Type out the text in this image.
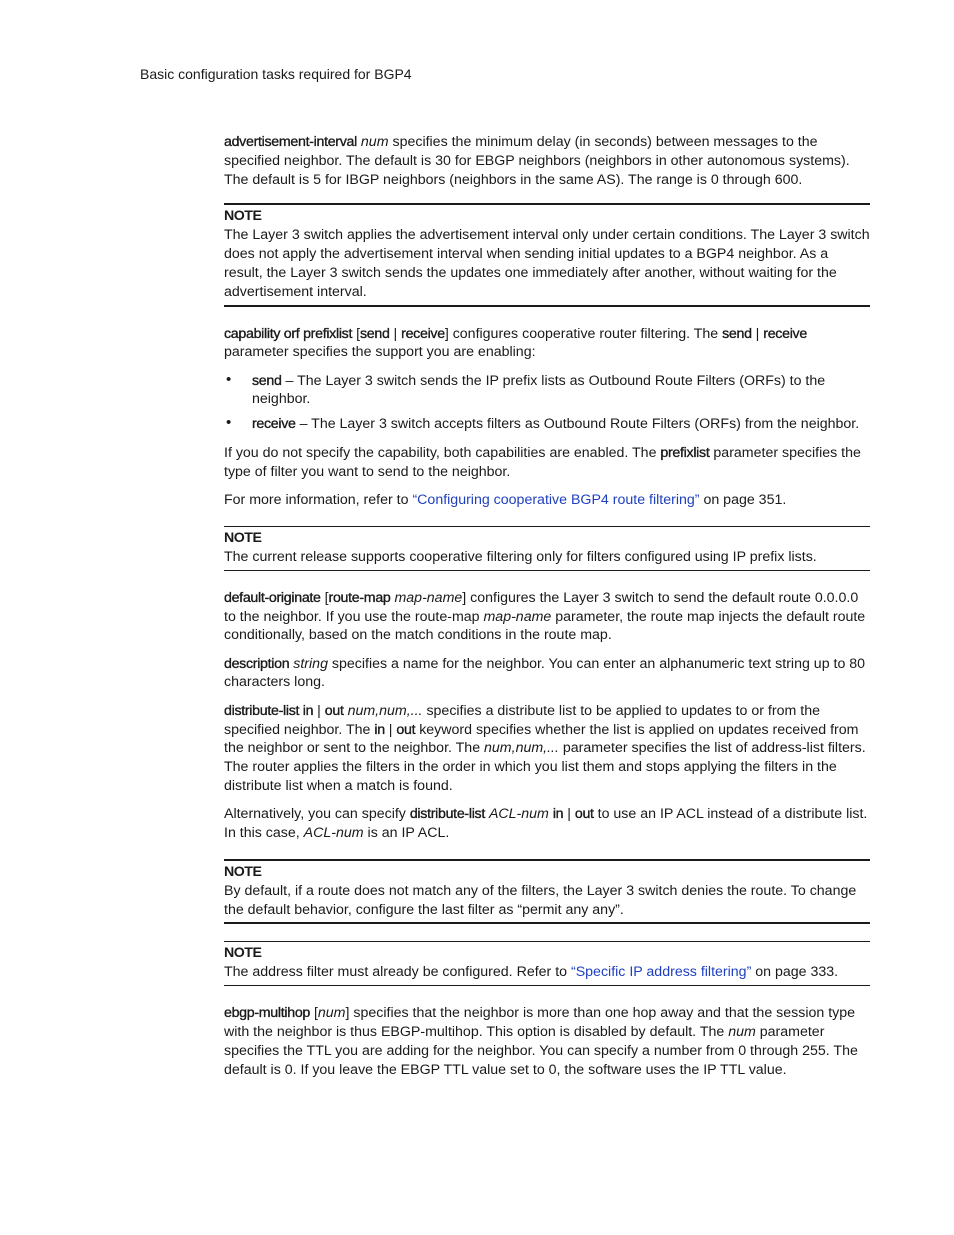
Basic configuration tasks required for BGP4

advertisement-interval num specifies the minimum delay (in seconds) between messages to the specified neighbor. The default is 30 for EBGP neighbors (neighbors in other autonomous systems). The default is 5 for IBGP neighbors (neighbors in the same AS). The range is 0 through 600.

NOTE
The Layer 3 switch applies the advertisement interval only under certain conditions. The Layer 3 switch does not apply the advertisement interval when sending initial updates to a BGP4 neighbor. As a result, the Layer 3 switch sends the updates one immediately after another, without waiting for the advertisement interval.

capability orf prefixlist [send | receive] configures cooperative router filtering. The send | receive parameter specifies the support you are enabling:

• send – The Layer 3 switch sends the IP prefix lists as Outbound Route Filters (ORFs) to the neighbor.
• receive – The Layer 3 switch accepts filters as Outbound Route Filters (ORFs) from the neighbor.

If you do not specify the capability, both capabilities are enabled. The prefixlist parameter specifies the type of filter you want to send to the neighbor.

For more information, refer to “Configuring cooperative BGP4 route filtering” on page 351.

NOTE
The current release supports cooperative filtering only for filters configured using IP prefix lists.

default-originate [route-map map-name] configures the Layer 3 switch to send the default route 0.0.0.0 to the neighbor. If you use the route-map map-name parameter, the route map injects the default route conditionally, based on the match conditions in the route map.

description string specifies a name for the neighbor. You can enter an alphanumeric text string up to 80 characters long.

distribute-list in | out num,num,... specifies a distribute list to be applied to updates to or from the specified neighbor. The in | out keyword specifies whether the list is applied on updates received from the neighbor or sent to the neighbor. The num,num,... parameter specifies the list of address-list filters. The router applies the filters in the order in which you list them and stops applying the filters in the distribute list when a match is found.

Alternatively, you can specify distribute-list ACL-num in | out to use an IP ACL instead of a distribute list. In this case, ACL-num is an IP ACL.

NOTE
By default, if a route does not match any of the filters, the Layer 3 switch denies the route. To change the default behavior, configure the last filter as “permit any any”.
NOTE
The address filter must already be configured. Refer to “Specific IP address filtering” on page 333.

ebgp-multihop [num] specifies that the neighbor is more than one hop away and that the session type with the neighbor is thus EBGP-multihop. This option is disabled by default. The num parameter specifies the TTL you are adding for the neighbor. You can specify a number from 0 through 255. The default is 0. If you leave the EBGP TTL value set to 0, the software uses the IP TTL value.
